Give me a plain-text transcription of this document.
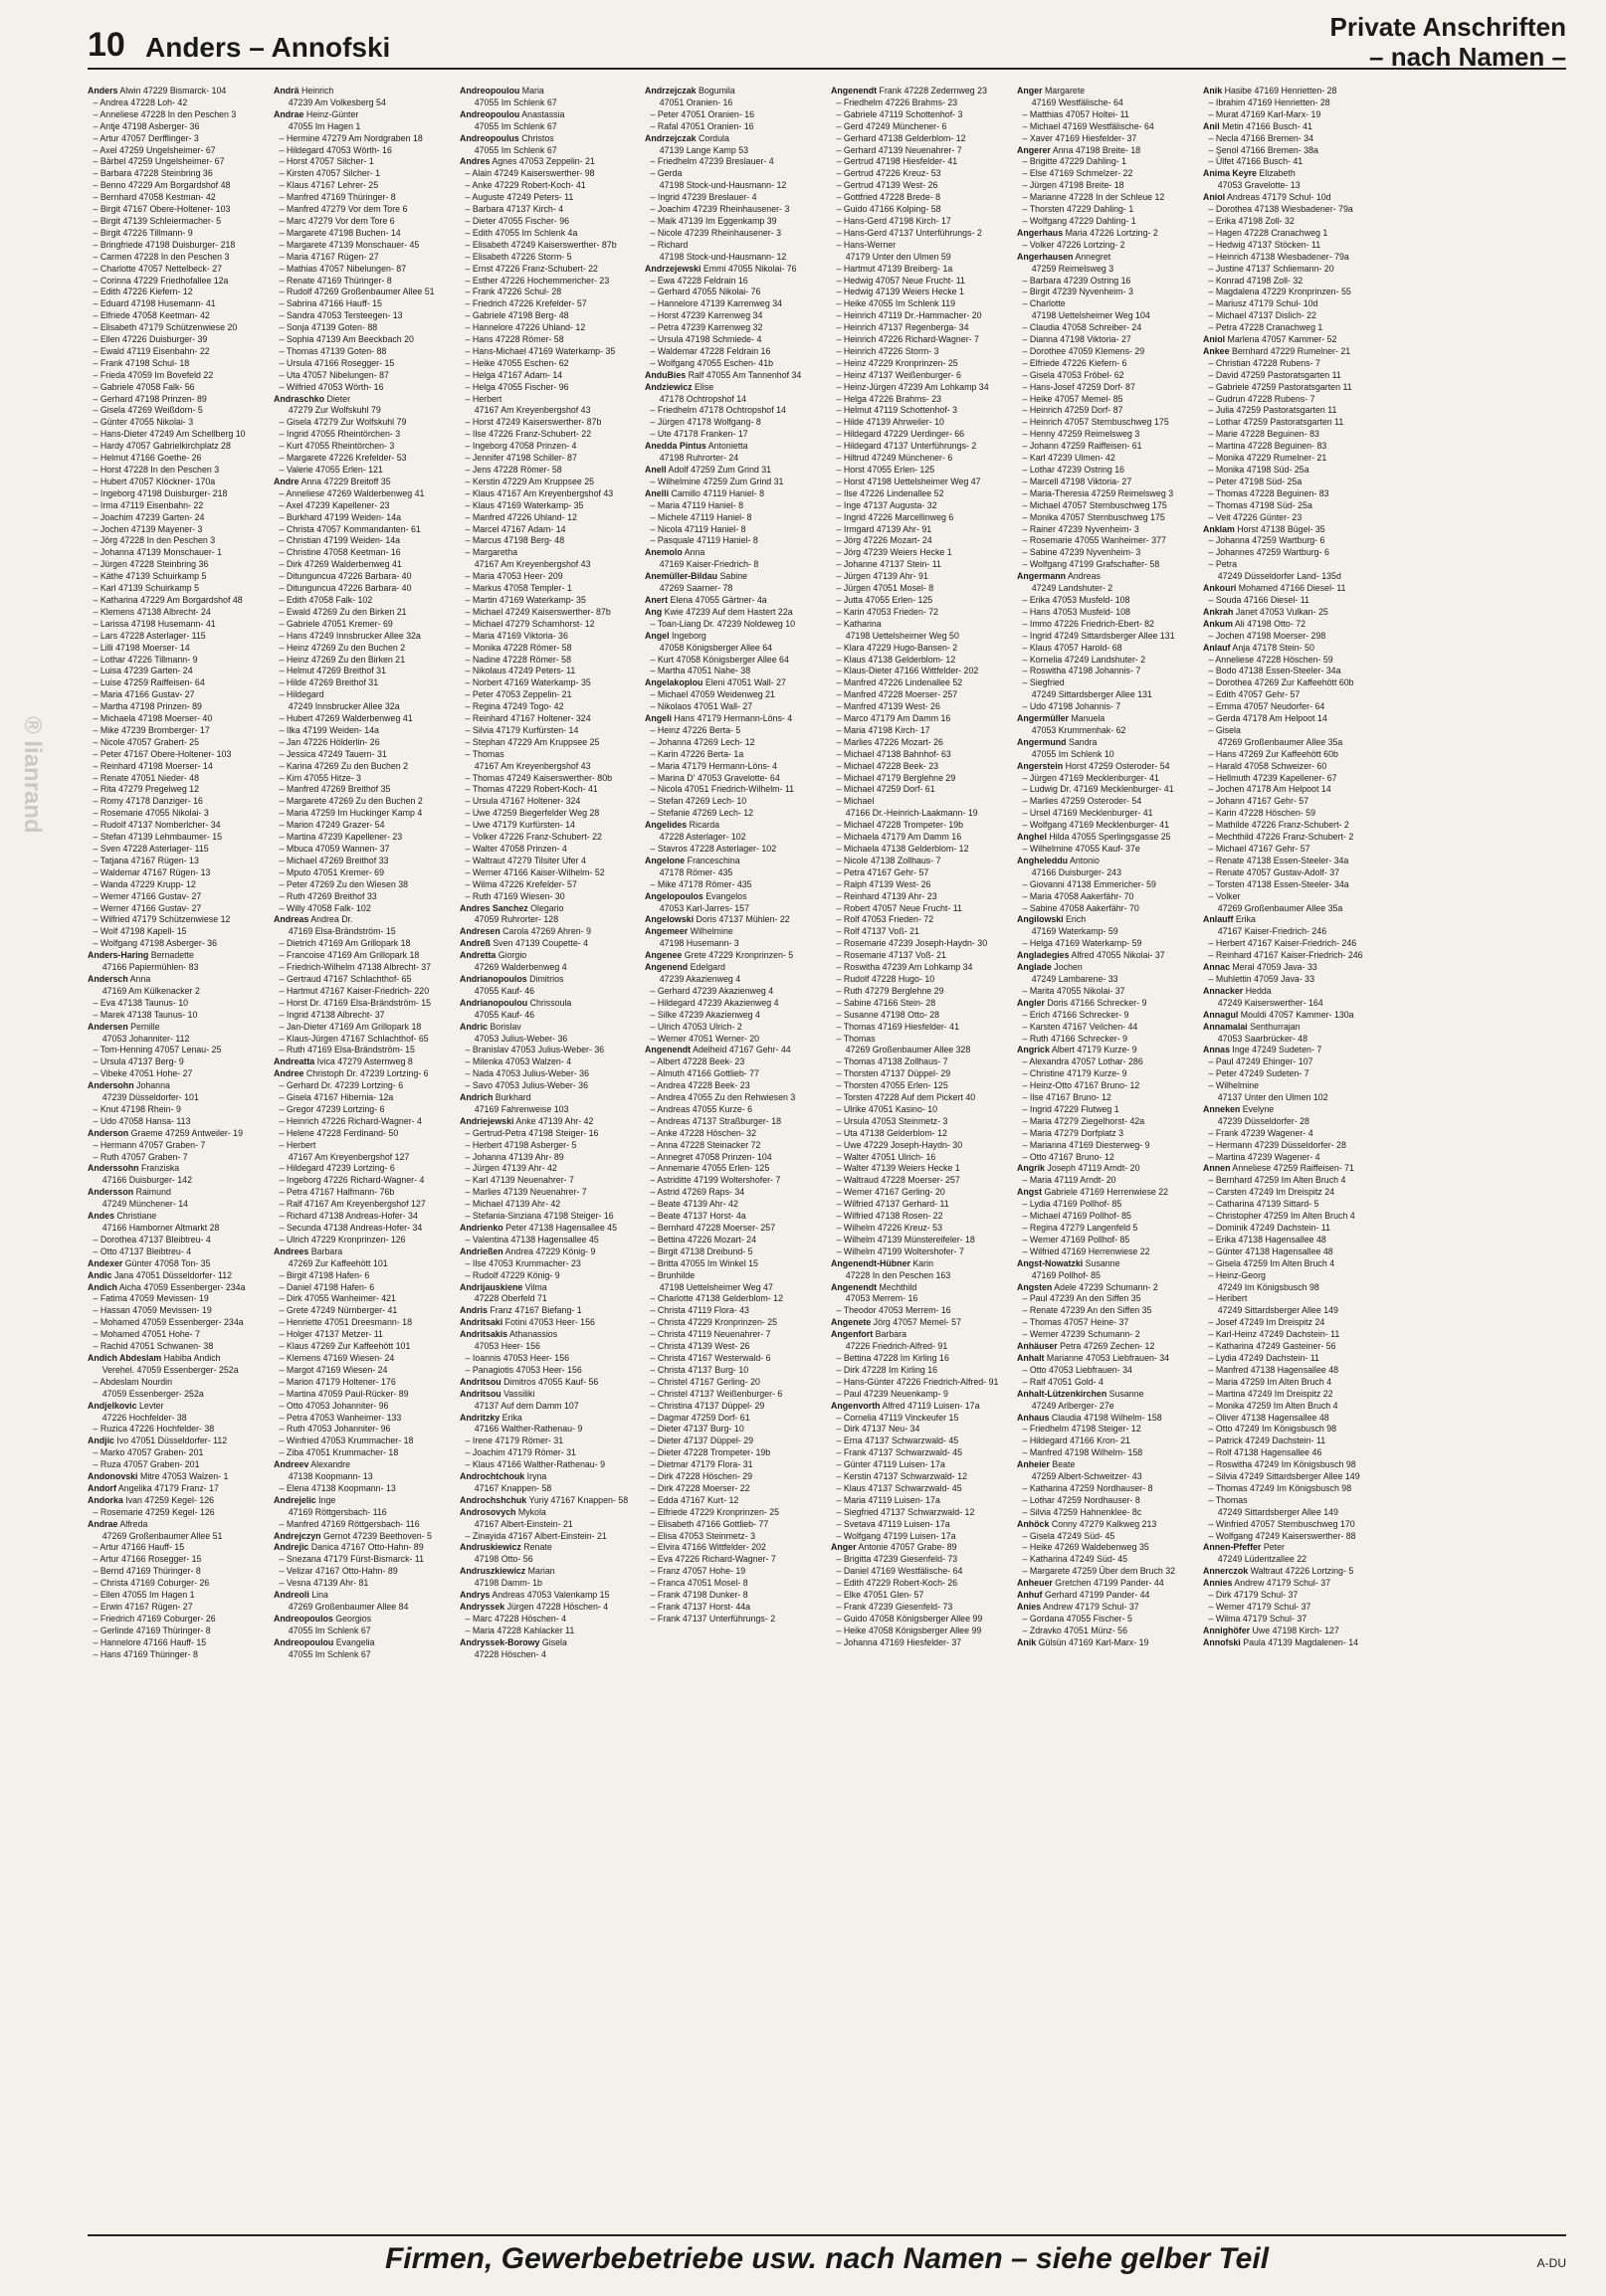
10 Anders – Annofski
Private Anschriften
– nach Namen –
® lianrand
Anders Alwin 47229 Bismarck- 104
– Andrea 47228 Loh- 42
– Anneliese 47228 In den Peschen 3
– Antje 47198 Asberger- 36
– Artur 47057 Derfflinger- 3
– Axel 47259 Ungelsheimer- 67
– Bärbel 47259 Ungelsheimer- 67
– Barbara 47228 Steinbring 36
– Benno 47229 Am Borgardshof 48
– Bernhard 47058 Kestman- 42
– Birgit 47167 Obere-Holtener- 103
– Birgit 47139 Schleiermacher- 5
– Birgit 47226 Tillmann- 9
– Bringfriede 47198 Duisburger- 218
– Carmen 47228 In den Peschen 3
– Charlotte 47057 Nettelbeck- 27
– Corinna 47229 Friedhofallee 12a
– Edith 47226 Kiefern- 12
– Eduard 47198 Husemann- 41
– Elfriede 47058 Keetman- 42
– Elisabeth 47179 Schützenwiese 20
– Ellen 47226 Duisburger- 39
– Ewald 47119 Eisenbahn- 22
– Frank 47198 Schul- 18
– Frieda 47059 Im Bovefeld 22
– Gabriele 47058 Falk- 56
– Gerhard 47198 Prinzen- 89
– Gisela 47269 Weißdorn- 5
– Günter 47055 Nikolai- 3
– Hans-Dieter 47249 Am Schellberg 10
– Hardy 47057 Gabrielkirchplatz 28
– Helmut 47166 Goethe- 26
– Horst 47228 In den Peschen 3
– Hubert 47057 Klöckner- 170a
– Ingeborg 47198 Duisburger- 218
– Irma 47119 Eisenbahn- 22
– Joachim 47239 Garten- 24
– Jochen 47139 Mayener- 3
– Jörg 47228 In den Peschen 3
– Johanna 47139 Monschauer- 1
– Jürgen 47228 Steinbring 36
– Käthe 47139 Schuirkamp 5
– Karl 47139 Schuirkamp 5
– Katharina 47229 Am Borgardshof 48
– Klemens 47138 Albrecht- 24
– Larissa 47198 Husemann- 41
– Lars 47228 Asterlager- 115
– Lilli 47198 Moerser- 14
– Lothar 47226 Tillmann- 9
– Luisa 47239 Garten- 24
– Luise 47259 Raiffeisen- 64
– Maria 47166 Gustav- 27
– Martha 47198 Prinzen- 89
– Michaela 47198 Moerser- 40
– Mike 47239 Bromberger- 17
– Nicole 47057 Grabert- 25
– Peter 47167 Obere-Holtener- 103
– Reinhard 47198 Moerser- 14
– Renate 47051 Nieder- 48
– Rita 47279 Pregelweg 12
– Romy 47178 Danziger- 16
– Rosemarie 47055 Nikolai- 3
– Rudolf 47137 Nomberlcher- 34
– Stefan 47139 Lehmbaumer- 15
– Sven 47228 Asterlager- 115
– Tatjana 47167 Rügen- 13
– Waldemar 47167 Rügen- 13
– Wanda 47229 Krupp- 12
– Werner 47166 Gustav- 27
– Werner 47166 Gustav- 27
– Wilfried 47179 Schützenwiese 12
– Wolf 47198 Kapell- 15
– Wolfgang 47198 Asberger- 36
Anders-Haring Bernadette
47166 Papiermühlen- 83
Andersch Anna
47169 Am Külkenacker 2
– Eva 47138 Taunus- 10
– Marek 47138 Taunus- 10
Andersen Pernille
47053 Johanniter- 112
– Tom-Henning 47057 Lenau- 25
– Ursula 47137 Berg- 9
– Vibeke 47051 Hohe- 27
Andersohn Johanna
47239 Düsseldorfer- 101
– Knut 47198 Rhein- 9
– Udo 47058 Hansa- 113
Anderson Graeme 47259 Antweiler- 19
– Hermann 47057 Graben- 7
– Ruth 47057 Graben- 7
Anderssohn Franziska
47166 Duisburger- 142
Andersson Raimund
47249 Münchener- 14
Andes Christiane
47166 Hamborner Altmarkt 28
– Dorothea 47137 Bleibtreu- 4
– Otto 47137 Bleibtreu- 4
Andexer Günter 47058 Ton- 35
Andic Jana 47051 Düsseldorfer- 112
Andich Aicha 47059 Essenberger- 234a
– Fatima 47059 Mevissen- 19
– Hassan 47059 Mevissen- 19
– Mohamed 47059 Essenberger- 234a
– Mohamed 47051 Hohe- 7
– Rachid 47051 Schwanen- 38
Andich Abdeslam Habiba Andich
Verehel. 47059 Essenberger- 252a
– Abdeslam Nourdin
47059 Essenberger- 252a
Andjelkovic Levter
47226 Hochfelder- 38
– Ruzica 47226 Hochfelder- 38
Andjic Ivo 47051 Düsseldorfer- 112
– Marko 47057 Graben- 201
– Ruza 47057 Graben- 201
Andonovski Mitre 47053 Walzen- 1
Andorf Angelika 47179 Franz- 17
Andorka Ivan 47259 Kegel- 126
– Rosemarie 47259 Kegel- 126
Andrae Alfreda
47269 Großenbaumer Allee 51
– Artur 47166 Hauff- 15
– Artur 47166 Rosegger- 15
– Bernd 47169 Thüringer- 8
– Christa 47169 Coburger- 26
– Ellen 47055 Im Hagen 1
– Erwin 47167 Rügen- 27
– Friedrich 47169 Coburger- 26
– Gerlinde 47169 Thüringer- 8
– Hannelore 47166 Hauff- 15
– Hans 47169 Thüringer- 8
Andrä Heinrich
47239 Am Volkesberg 54
Andrae Heinz-Günter
47055 Im Hagen 1
– Hermine 47279 Am Nordgraben 18
– Hildegard 47053 Wörth- 16
– Horst 47057 Silcher- 1
– Kirsten 47057 Silcher- 1
– Klaus 47167 Lehrer- 25
– Manfred 47169 Thüringer- 8
– Manfred 47279 Vor dem Tore 6
– Marc 47279 Vor dem Tore 6
– Margarete 47198 Buchen- 14
– Margarete 47139 Monschauer- 45
– Maria 47167 Rügen- 27
– Mathias 47057 Nibelungen- 87
– Renate 47169 Thüringer- 8
– Rudolf 47269 Großenbaumer Allee 51
– Sabrina 47166 Hauff- 15
– Sandra 47053 Tersteegen- 13
– Sonja 47139 Goten- 88
– Sophia 47139 Am Beeckbach 20
– Thomas 47139 Goten- 88
– Ursula 47166 Rosegger- 15
– Uta 47057 Nibelungen- 87
– Wilfried 47053 Wörth- 16
Andraschko Dieter
47279 Zur Wolfskuhl 79
– Gisela 47279 Zur Wolfskuhl 79
– Ingrid 47055 Rheintörchen- 3
– Kurt 47055 Rheintörchen- 3
– Margarete 47226 Krefelder- 53
– Valerie 47055 Erlen- 121
Andre Anna 47229 Breitoff 35
– Anneliese 47269 Walderbenweg 41
– Axel 47239 Kapellener- 23
– Burkhard 47199 Weiden- 14a
– Christa 47057 Kommandanten- 61
– Christian 47199 Weiden- 14a
– Christine 47058 Keetman- 16
– Dirk 47269 Walderbenweg 41
– Ditunguncua 47226 Barbara- 40
– Ditunguncua 47226 Barbara- 40
– Edith 47058 Falk- 102
– Ewald 47269 Zu den Birken 21
– Gabriele 47051 Kremer- 69
– Hans 47249 Innsbrucker Allee 32a
– Heinz 47269 Zu den Buchen 2
– Heinz 47269 Zu den Birken 21
– Helmut 47269 Breithof 31
– Hilde 47269 Breithof 31
– Hildegard
47249 Innsbrucker Allee 32a
– Hubert 47269 Walderbenweg 41
– Ilka 47199 Weiden- 14a
– Jan 47226 Hölderlin- 26
– Jessica 47249 Tauern- 31
– Karina 47269 Zu den Buchen 2
– Kim 47055 Hitze- 3
– Manfred 47269 Breithof 35
– Margarete 47269 Zu den Buchen 2
– Maria 47259 Im Huckinger Kamp 4
– Marion 47249 Grazer- 54
– Martina 47239 Kapellener- 23
– Mbuca 47059 Wannen- 37
– Michael 47269 Breithof 33
– Mputo 47051 Kremer- 69
– Peter 47269 Zu den Wiesen 38
– Ruth 47269 Breithof 33
– Willy 47058 Falk- 102
Andreas Andrea Dr.
47169 Elsa-Brändström- 15
– Dietrich 47169 Am Grillopark 18
– Francoise 47169 Am Grillopark 18
– Friedrich-Wilhelm 47138 Albrecht- 37
– Gertraud 47167 Schlachthof- 65
– Hartmut 47167 Kaiser-Friedrich- 220
– Horst Dr. 47169 Elsa-Brändström- 15
– Ingrid 47138 Albrecht- 37
– Jan-Dieter 47169 Am Grillopark 18
– Klaus-Jürgen 47167 Schlachthof- 65
– Ruth 47169 Elsa-Brändström- 15
Andreatta Ivica 47279 Asternweg 8
Andree Christoph Dr. 47239 Lortzing- 6
– Gerhard Dr. 47239 Lortzing- 6
– Gisela 47167 Hibernia- 12a
– Gregor 47239 Lortzing- 6
– Heinrich 47226 Richard-Wagner- 4
– Helene 47228 Ferdinand- 50
– Herbert
47167 Am Kreyenbergshof 127
– Hildegard 47239 Lortzing- 6
– Ingeborg 47226 Richard-Wagner- 4
– Petra 47167 Halfmann- 76b
– Ralf 47167 Am Kreyenbergshof 127
– Richard 47138 Andreas-Hofer- 34
– Secunda 47138 Andreas-Hofer- 34
– Ulrich 47229 Kronprinzen- 126
Andrees Barbara
47269 Zur Kaffeehött 101
– Birgit 47198 Hafen- 6
– Daniel 47198 Hafen- 6
– Dirk 47055 Wanheimer- 421
– Grete 47249 Nürnberger- 41
– Henriette 47051 Dreesmann- 18
– Holger 47137 Metzer- 11
– Klaus 47269 Zur Kaffeehött 101
– Klemens 47169 Wiesen- 24
– Margot 47169 Wiesen- 24
– Marion 47179 Holtener- 176
– Martina 47059 Paul-Rücker- 89
– Otto 47053 Johanniter- 96
– Petra 47053 Wanheimer- 133
– Ruth 47053 Johanniter- 96
– Winfried 47053 Krummacher- 18
– Ziba 47051 Krummacher- 18
Andreev Alexandre
47138 Koopmann- 13
– Elena 47138 Koopmann- 13
Andrejelic Inge
47169 Röttgersbach- 116
– Manfred 47169 Röttgersbach- 116
Andrejczyn Gernot 47239 Beethoven- 5
Andrejic Danica 47167 Otto-Hahn- 89
– Snezana 47179 Fürst-Bismarck- 11
– Velizar 47167 Otto-Hahn- 89
– Vesna 47139 Ahr- 81
Andreoli Lina
47269 Großenbaumer Allee 84
Andreopoulos Georgios
47055 Im Schlenk 67
Andreopoulou Evangelia
47055 Im Schlenk 67
Andreopoulou Maria
47055 Im Schlenk 67
Andreopoulou Anastassia
47055 Im Schlenk 67
Andreopoulus Christos
47055 Im Schlenk 67
Andres Agnes 47053 Zeppelin- 21
– Alain 47249 Kaiserswerther- 98
– Anke 47229 Robert-Koch- 41
– Auguste 47249 Peters- 11
– Barbara 47137 Kirch- 4
– Dieter 47055 Fischer- 96
– Edith 47055 Im Schlenk 4a
– Elisabeth 47249 Kaiserswerther- 87b
– Elisabeth 47226 Storm- 5
– Ernst 47226 Franz-Schubert- 22
– Esther 47226 Hochemmericher- 23
– Frank 47226 Schul- 28
– Friedrich 47226 Krefelder- 57
– Gabriele 47198 Berg- 48
– Hannelore 47226 Uhland- 12
– Hans 47228 Römer- 58
– Hans-Michael 47169 Waterkamp- 35
– Heike 47055 Eschen- 62
– Helga 47167 Adam- 14
– Helga 47055 Fischer- 96
– Herbert
47167 Am Kreyenbergshof 43
– Horst 47249 Kaiserswerther- 87b
– Ilse 47226 Franz-Schubert- 22
– Ingeborg 47058 Prinzen- 4
– Jennifer 47198 Schiller- 87
– Jens 47228 Römer- 58
– Kerstin 47229 Am Kruppsee 25
– Klaus 47167 Am Kreyenbergshof 43
– Klaus 47169 Waterkamp- 35
– Manfred 47226 Uhland- 12
– Marcel 47167 Adam- 14
– Marcus 47198 Berg- 48
– Margaretha
47167 Am Kreyenbergshof 43
– Maria 47053 Heer- 209
– Markus 47058 Templer- 1
– Martin 47169 Waterkamp- 35
– Michael 47249 Kaiserswerther- 87b
– Michael 47279 Scharnhorst- 12
– Maria 47169 Viktoria- 36
– Monika 47228 Römer- 58
– Nadine 47228 Römer- 58
– Nikolaus 47249 Peters- 11
– Norbert 47169 Waterkamp- 35
– Peter 47053 Zeppelin- 21
– Regina 47249 Togo- 42
– Reinhard 47167 Holtener- 324
– Silvia 47179 Kurfürsten- 14
– Stephan 47229 Am Kruppsee 25
– Thomas
47167 Am Kreyenbergshof 43
– Thomas 47249 Kaiserswerther- 80b
– Thomas 47229 Robert-Koch- 41
– Ursula 47167 Holtener- 324
– Uwe 47259 Biegerfelder Weg 28
– Uwe 47179 Kurfürsten- 14
– Volker 47226 Franz-Schubert- 22
– Walter 47058 Prinzen- 4
– Waltraut 47279 Tilsiter Ufer 4
– Werner 47166 Kaiser-Wilhelm- 52
– Wilma 47226 Krefelder- 57
– Ruth 47169 Wiesen- 30
Andres Sanchez Olegario
47059 Ruhrorter- 128
Andresen Carola 47269 Ahren- 9
Andreß Sven 47139 Coupette- 4
Andretta Giorgio
47269 Walderbenweg 4
Andrianopoulos Dimitrios
47055 Kauf- 46
Andrianopoulou Chrissoula
47055 Kauf- 46
Andric Borislav
47053 Julius-Weber- 36
– Branislav 47053 Julius-Weber- 36
– Milenka 47053 Walzen- 4
– Nada 47053 Julius-Weber- 36
– Savo 47053 Julius-Weber- 36
Andrich Burkhard
47169 Fahrenweise 103
Andriejewski Anke 47139 Ahr- 42
– Gertrud-Petra 47198 Steiger- 16
– Herbert 47198 Asberger- 5
– Johanna 47139 Ahr- 89
– Jürgen 47139 Ahr- 42
– Karl 47139 Neuenahrer- 7
– Marlies 47139 Neuenahrer- 7
– Michael 47139 Ahr- 42
– Stefania-Sinziana 47198 Steiger- 16
Andrienko Peter 47138 Hagensallee 45
– Valentina 47138 Hagensallee 45
Andrießen Andrea 47229 König- 9
– Ilse 47053 Krummacher- 23
– Rudolf 47229 König- 9
Andrijauskiene Vilma
47228 Oberfeld 71
Andris Franz 47167 Biefang- 1
Andritsaki Fotini 47053 Heer- 156
Andritsakis Athanassios
47053 Heer- 156
– Ioannis 47053 Heer- 156
– Panagiotis 47053 Heer- 156
Andritsou Dimitros 47055 Kauf- 56
Andritsou Vassiliki
47137 Auf dem Damm 107
Andritzky Erika
47166 Walther-Rathenau- 9
– Irene 47179 Römer- 31
– Joachim 47179 Römer- 31
– Klaus 47166 Walther-Rathenau- 9
Androchtchouk Iryna
47167 Knappen- 58
Androchshchuk Yuriy 47167 Knappen- 58
Androsovych Mykola
47167 Albert-Einstein- 21
– Zinayida 47167 Albert-Einstein- 21
Andruskiewicz Renate
47198 Otto- 56
Andruszkiewicz Marian
47198 Damm- 1b
Andrys Andreas 47053 Valenkamp 15
Andryssek Jürgen 47228 Höschen- 4
– Marc 47228 Höschen- 4
– Maria 47228 Kahlacker 11
Andryssek-Borowy Gisela
47228 Höschen- 4
Andrzejczak Bogumila
47051 Oranien- 16
– Peter 47051 Oranien- 16
– Rafal 47051 Oranien- 16
Andrzejczak Cordula
47139 Lange Kamp 53
– Friedhelm 47239 Breslauer- 4
– Gerda
47198 Stock-und-Hausmann- 12
– Ingrid 47239 Breslauer- 4
– Joachim 47239 Rheinhausener- 3
– Maik 47139 Im Eggenkamp 39
– Nicole 47239 Rheinhausener- 3
– Richard
47198 Stock-und-Hausmann- 12
Andrzejewski Emmi 47055 Nikolai- 76
– Ewa 47228 Feldrain 16
– Gerhard 47055 Nikolai- 76
– Hannelore 47139 Karrenweg 34
– Horst 47239 Karrenweg 34
– Petra 47239 Karrenweg 32
– Ursula 47198 Schmiede- 4
– Waldemar 47228 Feldrain 16
– Wolfgang 47055 Eschen- 41b
AnduBies Ralf 47055 Am Tannenhof 34
Andziewicz Elise
47178 Ochtropshof 14
– Friedhelm 47178 Ochtropshof 14
– Jürgen 47178 Wolfgang- 8
– Ute 47178 Franken- 17
Anedda Pintus Antonietta
47198 Ruhrorter- 24
Anell Adolf 47259 Zum Grind 31
– Wilhelmine 47259 Zum Grind 31
Anelli Camillo 47119 Haniel- 8
– Maria 47119 Haniel- 8
– Michele 47119 Haniel- 8
– Nicola 47119 Haniel- 8
– Pasquale 47119 Haniel- 8
Anemolo Anna
47169 Kaiser-Friedrich- 8
Anemüller-Bildau Sabine
47269 Saarner- 78
Anert Elena 47055 Gärtner- 4a
Ang Kwie 47239 Auf dem Hastert 22a
– Toan-Liang Dr. 47239 Noldeweg 10
Angel Ingeborg
47058 Königsberger Allee 64
– Kurt 47058 Königsberger Allee 64
– Martha 47051 Nahe- 38
Angelakoplou Eleni 47051 Wall- 27
– Michael 47059 Weidenweg 21
– Nikolaos 47051 Wall- 27
Angeli Hans 47179 Hermann-Löns- 4
– Heinz 47226 Berta- 5
– Johanna 47269 Lech- 12
– Karin 47226 Berta- 1a
– Maria 47179 Hermann-Löns- 4
– Marina D' 47053 Gravelotte- 64
– Nicola 47051 Friedrich-Wilhelm- 11
– Stefan 47269 Lech- 10
– Stefanie 47269 Lech- 12
Angelides Ricarda
47228 Asterlager- 102
– Stavros 47228 Asterlager- 102
Angelone Franceschina
47178 Römer- 435
– Mike 47178 Römer- 435
Angelopoulos Evangelos
47053 Karl-Jarres- 157
Angelowski Doris 47137 Mühlen- 22
Angemeer Wilhelmine
47198 Husemann- 3
Angenee Grete 47229 Kronprinzen- 5
Angenend Edelgard
47239 Akazienweg 4
– Gerhard 47239 Akazienweg 4
– Hildegard 47239 Akazienweg 4
– Silke 47239 Akazienweg 4
– Ulrich 47053 Ulrich- 2
– Werner 47051 Werner- 20
Angenendt Adelheid 47167 Gehr- 44
– Albert 47228 Beek- 23
– Almuth 47166 Gottlieb- 77
– Andrea 47228 Beek- 23
– Andrea 47055 Zu den Rehwiesen 3
– Andreas 47055 Kurze- 6
– Andreas 47137 Straßburger- 18
– Anke 47228 Höschen- 32
– Anna 47228 Steinacker 72
– Annegret 47058 Prinzen- 104
– Annemarie 47055 Erlen- 125
– Astriditte 47199 Woltershofer- 7
– Astrid 47269 Raps- 34
– Beate 47139 Ahr- 42
– Beate 47137 Horst- 4a
– Bernhard 47228 Moerser- 257
– Bettina 47226 Mozart- 24
– Birgit 47138 Dreibund- 5
– Britta 47055 Im Winkel 15
– Brunhilde
47198 Uettelsheimer Weg 47
– Charlotte 47138 Gelderblom- 12
– Christa 47119 Flora- 43
– Christa 47229 Kronprinzen- 25
– Christa 47119 Neuenahrer- 7
– Christa 47139 West- 26
– Christa 47167 Westerwald- 6
– Christa 47137 Burg- 10
– Christel 47167 Gerling- 20
– Christel 47137 Weißenburger- 6
– Christina 47137 Düppel- 29
– Dagmar 47259 Dorf- 61
– Dieter 47137 Burg- 10
– Dieter 47137 Düppel- 29
– Dieter 47228 Trompeter- 19b
– Dietmar 47179 Flora- 31
– Dirk 47228 Höschen- 29
– Dirk 47228 Moerser- 22
– Edda 47167 Kurt- 12
– Elfriede 47229 Kronprinzen- 25
– Elisabeth 47166 Gottlieb- 77
– Elisa 47053 Steinmetz- 3
– Elvira 47166 Wittfelder- 202
– Eva 47226 Richard-Wagner- 7
– Franz 47057 Hohe- 19
– Franca 47051 Mosel- 8
– Frank 47198 Dunker- 8
– Frank 47137 Horst- 44a
– Frank 47137 Unterführungs- 2
Angenendt Frank 47228 Zedernweg 23
– Friedhelm 47226 Brahms- 23
– Gabriele 47119 Schottenhof- 3
– Gerd 47249 Münchener- 6
– Gerhard 47138 Gelderblom- 12
– Gerhard 47139 Neuenahrer- 7
– Gertrud 47198 Hiesfelder- 41
– Gertrud 47226 Kreuz- 53
– Gertrud 47139 West- 26
– Gottfried 47228 Brede- 8
– Guido 47166 Kolping- 58
– Hans-Gerd 47198 Kirch- 17
– Hans-Gerd 47137 Unterführungs- 2
– Hans-Werner
47179 Unter den Ulmen 59
– Hartmut 47139 Breiberg- 1a
– Hedwig 47057 Neue Frucht- 11
– Hedwig 47139 Weiers Hecke 1
– Heike 47055 Im Schlenk 119
– Heinrich 47119 Dr.-Hammacher- 20
– Heinrich 47137 Regenberga- 34
– Heinrich 47226 Richard-Wagner- 7
– Heinrich 47226 Storm- 3
– Heinz 47229 Kronprinzen- 25
– Heinz 47137 Weißenburger- 6
– Heinz-Jürgen 47239 Am Lohkamp 34
– Helga 47226 Brahms- 23
– Helmut 47119 Schottenhof- 3
– Hilde 47139 Ahrweiler- 10
– Hildegard 47229 Uerdinger- 66
– Hildegard 47137 Unterführungs- 2
– Hiltrud 47249 Münchener- 6
– Horst 47055 Erlen- 125
– Horst 47198 Uettelsheimer Weg 47
– Ilse 47226 Lindenallee 52
– Inge 47137 Augusta- 32
– Ingrid 47226 Marcellinweg 6
– Irmgard 47139 Ahr- 91
– Jörg 47226 Mozart- 24
– Jörg 47239 Weiers Hecke 1
– Johanne 47137 Stein- 11
– Jürgen 47139 Ahr- 91
– Jürgen 47051 Mosel- 8
– Jutta 47055 Erlen- 125
– Karin 47053 Frieden- 72
– Katharina
47198 Uettelsheimer Weg 50
– Klara 47229 Hugo-Bansen- 2
– Klaus 47138 Gelderblom- 12
– Klaus-Dieter 47166 Wittfelder- 202
– Manfred 47226 Lindenallee 52
– Manfred 47228 Moerser- 257
– Manfred 47139 West- 26
– Marco 47179 Am Damm 16
– Maria 47198 Kirch- 17
– Marlies 47226 Mozart- 26
– Michael 47138 Bahnhof- 63
– Michael 47228 Beek- 23
– Michael 47179 Berglehne 29
– Michael 47259 Dorf- 61
– Michael
47166 Dr.-Heinrich-Laakmann- 19
– Michael 47228 Trompeter- 19b
– Michaela 47179 Am Damm 16
– Michaela 47138 Gelderblom- 12
– Nicole 47138 Zollhaus- 7
– Petra 47167 Gehr- 57
– Ralph 47139 West- 26
– Reinhard 47139 Ahr- 23
– Robert 47057 Neue Frucht- 11
– Rolf 47053 Frieden- 72
– Rolf 47137 Voß- 21
– Rosemarie 47239 Joseph-Haydn- 30
– Rosemarie 47137 Voß- 21
– Roswitha 47239 Am Lohkamp 34
– Rudolf 47228 Hugo- 10
– Ruth 47279 Berglehne 29
– Sabine 47166 Stein- 28
– Susanne 47198 Otto- 28
– Thomas 47169 Hiesfelder- 41
– Thomas
47269 Großenbaumer Allee 328
– Thomas 47138 Zollhaus- 7
– Thorsten 47137 Düppel- 29
– Thorsten 47055 Erlen- 125
– Torsten 47228 Auf dem Pickert 40
– Ulrike 47051 Kasino- 10
– Ursula 47053 Steinmetz- 3
– Uta 47138 Gelderblom- 12
– Uwe 47229 Joseph-Haydn- 30
– Walter 47051 Ulrich- 16
– Walter 47139 Weiers Hecke 1
– Waltraud 47228 Moerser- 257
– Werner 47167 Gerling- 20
– Wilfried 47137 Gerhard- 11
– Wilfried 47138 Rosen- 22
– Wilhelm 47226 Kreuz- 53
– Wilhelm 47139 Münstereifeler- 18
– Wilhelm 47199 Woltershofer- 7
Angenendt-Hübner Karin
47228 In den Peschen 163
Angenendt Mechthild
47053 Merrem- 16
– Theodor 47053 Merrem- 16
Angenete Jörg 47057 Memel- 57
Angenfort Barbara
47226 Friedrich-Alfred- 91
– Bettina 47228 Im Kirling 16
– Dirk 47228 Im Kirling 16
– Hans-Günter 47226 Friedrich-Alfred- 91
– Paul 47239 Neuenkamp- 9
Angenvorth Alfred 47119 Luisen- 17a
– Cornelia 47119 Vinckeufer 15
– Dirk 47137 Neu- 34
– Erna 47137 Schwarzwald- 45
– Frank 47137 Schwarzwald- 45
– Günter 47119 Luisen- 17a
– Kerstin 47137 Schwarzwald- 12
– Klaus 47137 Schwarzwald- 45
– Maria 47119 Luisen- 17a
– Siegfried 47137 Schwarzwald- 12
– Svetava 47119 Luisen- 17a
– Wolfgang 47199 Luisen- 17a
Anger Antonie 47057 Grabe- 89
– Brigitta 47239 Giesenfeld- 73
– Daniel 47169 Westfälische- 64
– Edith 47229 Robert-Koch- 26
– Elke 47051 Glen- 57
– Frank 47239 Giesenfeld- 73
– Guido 47058 Königsberger Allee 99
– Heike 47058 Königsberger Allee 99
– Johanna 47169 Hiesfelder- 37
Anger Margarete
47169 Westfälische- 64
– Matthias 47057 Holtei- 11
– Michael 47169 Westfälische- 64
– Xaver 47169 Hiesfelder- 37
Angerer Anna 47198 Breite- 18
– Brigitte 47229 Dahling- 1
– Else 47169 Schmelzer- 22
– Jürgen 47198 Breite- 18
– Marianne 47228 In der Schleue 12
– Thorsten 47229 Dahling- 1
– Wolfgang 47229 Dahling- 1
Angerhaus Maria 47226 Lortzing- 2
– Volker 47226 Lortzing- 2
Angerhausen Annegret
47259 Reimelsweg 3
– Barbara 47239 Ostring 16
– Birgit 47239 Nyvenheim- 3
– Charlotte
47198 Uettelsheimer Weg 104
– Claudia 47058 Schreiber- 24
– Dianna 47198 Viktoria- 27
– Dorothee 47059 Klemens- 29
– Elfriede 47226 Kiefern- 6
– Gisela 47053 Fröbel- 62
– Hans-Josef 47259 Dorf- 87
– Heike 47057 Memel- 85
– Heinrich 47259 Dorf- 87
– Heinrich 47057 Sternbuschweg 175
– Henny 47259 Reimelsweg 3
– Johann 47259 Raiffeisen- 61
– Karl 47239 Ulmen- 42
– Lothar 47239 Ostring 16
– Marcell 47198 Viktoria- 27
– Maria-Theresia 47259 Reimelsweg 3
– Michael 47057 Sternbuschweg 175
– Monika 47057 Sternbuschweg 175
– Rainer 47239 Nyvenheim- 3
– Rosemarie 47055 Wanheimer- 377
– Sabine 47239 Nyvenheim- 3
– Wolfgang 47199 Grafschafter- 58
Angermann Andreas
47249 Landshuter- 2
– Erika 47053 Musfeld- 108
– Hans 47053 Musfeld- 108
– Immo 47226 Friedrich-Ebert- 82
– Ingrid 47249 Sittardsberger Allee 131
– Klaus 47057 Harold- 68
– Kornelia 47249 Landshuter- 2
– Roswitha 47198 Johannis- 7
– Siegfried
47249 Sittardsberger Allee 131
– Udo 47198 Johannis- 7
Angermüller Manuela
47053 Krummenhak- 62
Angermund Sandra
47055 Im Schlenk 10
Angerstein Horst 47259 Osteroder- 54
– Jürgen 47169 Mecklenburger- 41
– Ludwig Dr. 47169 Mecklenburger- 41
– Marlies 47259 Osteroder- 54
– Ursel 47169 Mecklenburger- 41
– Wolfgang 47169 Mecklenburger- 41
Anghel Hilda 47055 Sperlingsgasse 25
– Wilhelmine 47055 Kauf- 37e
Angheleddu Antonio
47166 Duisburger- 243
– Giovanni 47138 Emmericher- 59
– Maria 47058 Aakerfähr- 70
– Sabine 47058 Aakerfähr- 70
Angilowski Erich
47169 Waterkamp- 59
– Helga 47169 Waterkamp- 59
Angladegies Alfred 47055 Nikolai- 37
Anglade Jochen
47249 Lambarene- 33
– Marita 47055 Nikolai- 37
Angler Doris 47166 Schrecker- 9
– Erich 47166 Schrecker- 9
– Karsten 47167 Veilchen- 44
– Ruth 47166 Schrecker- 9
Angrick Albert 47179 Kurze- 9
– Alexandra 47057 Lothar- 286
– Christine 47179 Kurze- 9
– Heinz-Otto 47167 Bruno- 12
– Ilse 47167 Bruno- 12
– Ingrid 47229 Flutweg 1
– Maria 47279 Ziegelhorst- 42a
– Maria 47279 Dorfplatz 3
– Marianna 47169 Diesterweg- 9
– Otto 47167 Bruno- 12
Angrik Joseph 47119 Arndt- 20
– Maria 47119 Arndt- 20
Angst Gabriele 47169 Herrenwiese 22
– Lydia 47169 Pollhof- 85
– Michael 47169 Pollhof- 85
– Regina 47279 Langenfeld 5
– Werner 47169 Pollhof- 85
– Wilfried 47169 Herrenwiese 22
Angst-Nowatzki Susanne
47169 Pollhof- 85
Angsten Adele 47239 Schumann- 2
– Paul 47239 An den Siffen 35
– Renate 47239 An den Siffen 35
– Thomas 47057 Heine- 37
– Werner 47239 Schumann- 2
Anhäuser Petra 47269 Zechen- 12
Anhalt Marianne 47053 Liebfrauen- 34
– Otto 47053 Liebfrauen- 34
– Ralf 47051 Gold- 4
Anhalt-Lützenkirchen Susanne
47249 Arlberger- 27e
Anhaus Claudia 47198 Wilhelm- 158
– Friedhelm 47198 Steiger- 12
– Hildegard 47166 Kron- 21
– Manfred 47198 Wilhelm- 158
Anheier Beate
47259 Albert-Schweitzer- 43
– Katharina 47259 Nordhauser- 8
– Lothar 47259 Nordhauser- 8
– Silvia 47259 Hahnenklee- 8c
Anhöck Conny 47279 Kalkweg 213
– Gisela 47249 Süd- 45
– Heike 47269 Waldebenweg 35
– Katharina 47249 Süd- 45
– Margarete 47259 Über dem Bruch 32
Anheuer Gretchen 47199 Pander- 44
Anhuf Gerhard 47199 Pander- 44
Anies Andrew 47179 Schul- 37
– Gordana 47055 Fischer- 5
– Zdravko 47051 Münz- 56
Anik Gülsün 47169 Karl-Marx- 19
Anik Hasibe 47169 Henrietten- 28
– Ibrahim 47169 Henrietten- 28
– Murat 47169 Karl-Marx- 19
Anil Metin 47166 Busch- 41
– Necla 47166 Bremen- 34
– Şenol 47166 Bremen- 38a
– Ülfet 47166 Busch- 41
Anima Keyre Elizabeth
47053 Gravelotte- 13
Aniol Andreas 47179 Schul- 10d
– Dorothea 47138 Wiesbadener- 79a
– Erika 47198 Zoll- 32
– Hagen 47228 Cranachweg 1
– Hedwig 47137 Stöcken- 11
– Heinrich 47138 Wiesbadener- 79a
– Justine 47137 Schliemann- 20
– Konrad 47198 Zoll- 32
– Magdalena 47229 Kronprinzen- 55
– Mariusz 47179 Schul- 10d
– Michael 47137 Dislich- 22
– Petra 47228 Cranachweg 1
Aniol Marlena 47057 Kammer- 52
Ankee Bernhard 47229 Rumelner- 21
– Christian 47228 Rubens- 7
– David 47259 Pastoratsgarten 11
– Gabriele 47259 Pastoratsgarten 11
– Gudrun 47228 Rubens- 7
– Julia 47259 Pastoratsgarten 11
– Lothar 47259 Pastoratsgarten 11
– Marie 47228 Beguinen- 83
– Martina 47228 Beguinen- 83
– Monika 47229 Rumelner- 21
– Monika 47198 Süd- 25a
– Peter 47198 Süd- 25a
– Thomas 47228 Beguinen- 83
– Thomas 47198 Süd- 25a
– Veit 47226 Günter- 23
Anklam Horst 47138 Bügel- 35
– Johanna 47259 Wartburg- 6
– Johannes 47259 Wartburg- 6
– Petra
47249 Düsseldorfer Land- 135d
Ankouri Mohamed 47166 Diesel- 11
– Souda 47166 Diesel- 11
Ankrah Janet 47053 Vulkan- 25
Ankum Ali 47198 Otto- 72
– Jochen 47198 Moerser- 298
Anlauf Anja 47178 Stein- 50
– Anneliese 47228 Höschen- 59
– Bodo 47138 Essen-Steeler- 34a
– Dorothea 47269 Zur Kaffeehött 60b
– Edith 47057 Gehr- 57
– Emma 47057 Neudorfer- 64
– Gerda 47178 Am Helpoot 14
– Gisela
47269 Großenbaumer Allee 35a
– Hans 47269 Zur Kaffeehött 60b
– Harald 47058 Schweizer- 60
– Hellmuth 47239 Kapellener- 67
– Jochen 47178 Am Helpoot 14
– Johann 47167 Gehr- 57
– Karin 47228 Höschen- 59
– Mathilde 47226 Franz-Schubert- 2
– Mechthild 47226 Franz-Schubert- 2
– Michael 47167 Gehr- 57
– Renate 47138 Essen-Steeler- 34a
– Renate 47057 Gustav-Adolf- 37
– Torsten 47138 Essen-Steeler- 34a
– Volker
47269 Großenbaumer Allee 35a
Anlauff Erika
47167 Kaiser-Friedrich- 246
– Herbert 47167 Kaiser-Friedrich- 246
– Reinhard 47167 Kaiser-Friedrich- 246
Annac Meral 47059 Java- 33
– Muhlettin 47059 Java- 33
Annacker Hedda
47249 Kaiserswerther- 164
Annagul Mouldi 47057 Kammer- 130a
Annamalai Senthurrajan
47053 Saarbrücker- 48
Annas Inge 47249 Sudeten- 7
– Paul 47249 Ehinger- 107
– Peter 47249 Sudeten- 7
– Wilhelmine
47137 Unter den Ulmen 102
Anneken Evelyne
47239 Düsseldorfer- 28
– Frank 47239 Wagener- 4
– Hermann 47239 Düsseldorfer- 28
– Martina 47239 Wagener- 4
Annen Anneliese 47259 Raiffeisen- 71
– Bernhard 47259 Im Alten Bruch 4
– Carsten 47249 Im Dreispitz 24
– Catharina 47139 Sittard- 5
– Christopher 47259 Im Alten Bruch 4
– Dominik 47249 Dachstein- 11
– Erika 47138 Hagensallee 48
– Günter 47138 Hagensallee 48
– Gisela 47259 Im Alten Bruch 4
– Heinz-Georg
47249 Im Königsbusch 98
– Heribert
47249 Sittardsberger Allee 149
– Josef 47249 Im Dreispitz 24
– Karl-Heinz 47249 Dachstein- 11
– Katharina 47249 Gasteiner- 56
– Lydia 47249 Dachstein- 11
– Manfred 47138 Hagensallee 48
– Maria 47259 Im Alten Bruch 4
– Martina 47249 Im Dreispitz 22
– Monika 47259 Im Alten Bruch 4
– Oliver 47138 Hagensallee 48
– Otto 47249 Im Königsbusch 98
– Patrick 47249 Dachstein- 11
– Rolf 47138 Hagensallee 46
– Roswitha 47249 Im Königsbusch 98
– Silvia 47249 Sittardsberger Allee 149
– Thomas 47249 Im Königsbusch 98
– Thomas
47249 Sittardsberger Allee 149
– Winfried 47057 Sternbuschweg 170
– Wolfgang 47249 Kaiserswerther- 88
Annen-Pfeffer Peter
47249 Lüderitzallee 22
Annerczok Waltraut 47226 Lortzing- 5
Annies Andrew 47179 Schul- 37
– Dirk 47179 Schul- 37
– Werner 47179 Schul- 37
– Wilma 47179 Schul- 37
Annighöfer Uwe 47198 Kirch- 127
Annofski Paula 47139 Magdalenen- 14
Firmen, Gewerbebetriebe usw. nach Namen – siehe gelber Teil	A-DU
